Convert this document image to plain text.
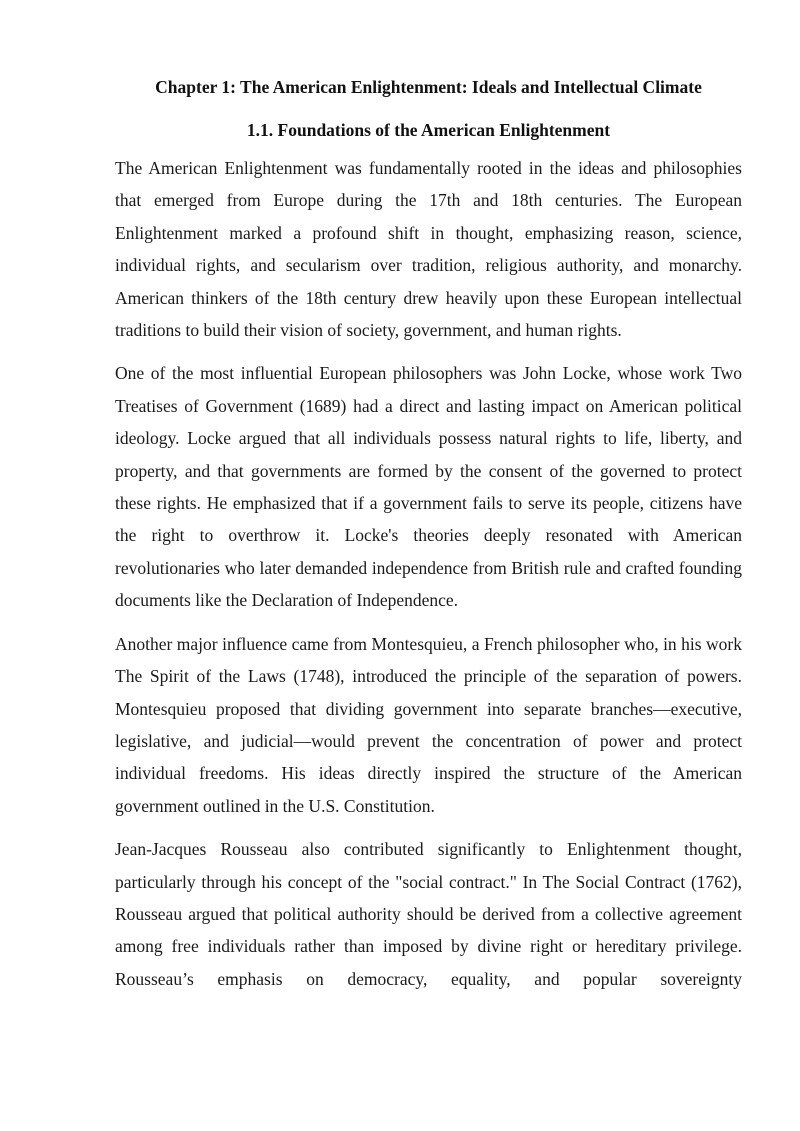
Chapter 1: The American Enlightenment: Ideals and Intellectual Climate
1.1. Foundations of the American Enlightenment

The American Enlightenment was fundamentally rooted in the ideas and philosophies that emerged from Europe during the 17th and 18th centuries. The European Enlightenment marked a profound shift in thought, emphasizing reason, science, individual rights, and secularism over tradition, religious authority, and monarchy. American thinkers of the 18th century drew heavily upon these European intellectual traditions to build their vision of society, government, and human rights.

One of the most influential European philosophers was John Locke, whose work Two Treatises of Government (1689) had a direct and lasting impact on American political ideology. Locke argued that all individuals possess natural rights to life, liberty, and property, and that governments are formed by the consent of the governed to protect these rights. He emphasized that if a government fails to serve its people, citizens have the right to overthrow it. Locke's theories deeply resonated with American revolutionaries who later demanded independence from British rule and crafted founding documents like the Declaration of Independence.

Another major influence came from Montesquieu, a French philosopher who, in his work The Spirit of the Laws (1748), introduced the principle of the separation of powers. Montesquieu proposed that dividing government into separate branches—executive, legislative, and judicial—would prevent the concentration of power and protect individual freedoms. His ideas directly inspired the structure of the American government outlined in the U.S. Constitution.

Jean-Jacques Rousseau also contributed significantly to Enlightenment thought, particularly through his concept of the "social contract." In The Social Contract (1762), Rousseau argued that political authority should be derived from a collective agreement among free individuals rather than imposed by divine right or hereditary privilege. Rousseau’s emphasis on democracy, equality, and popular sovereignty
